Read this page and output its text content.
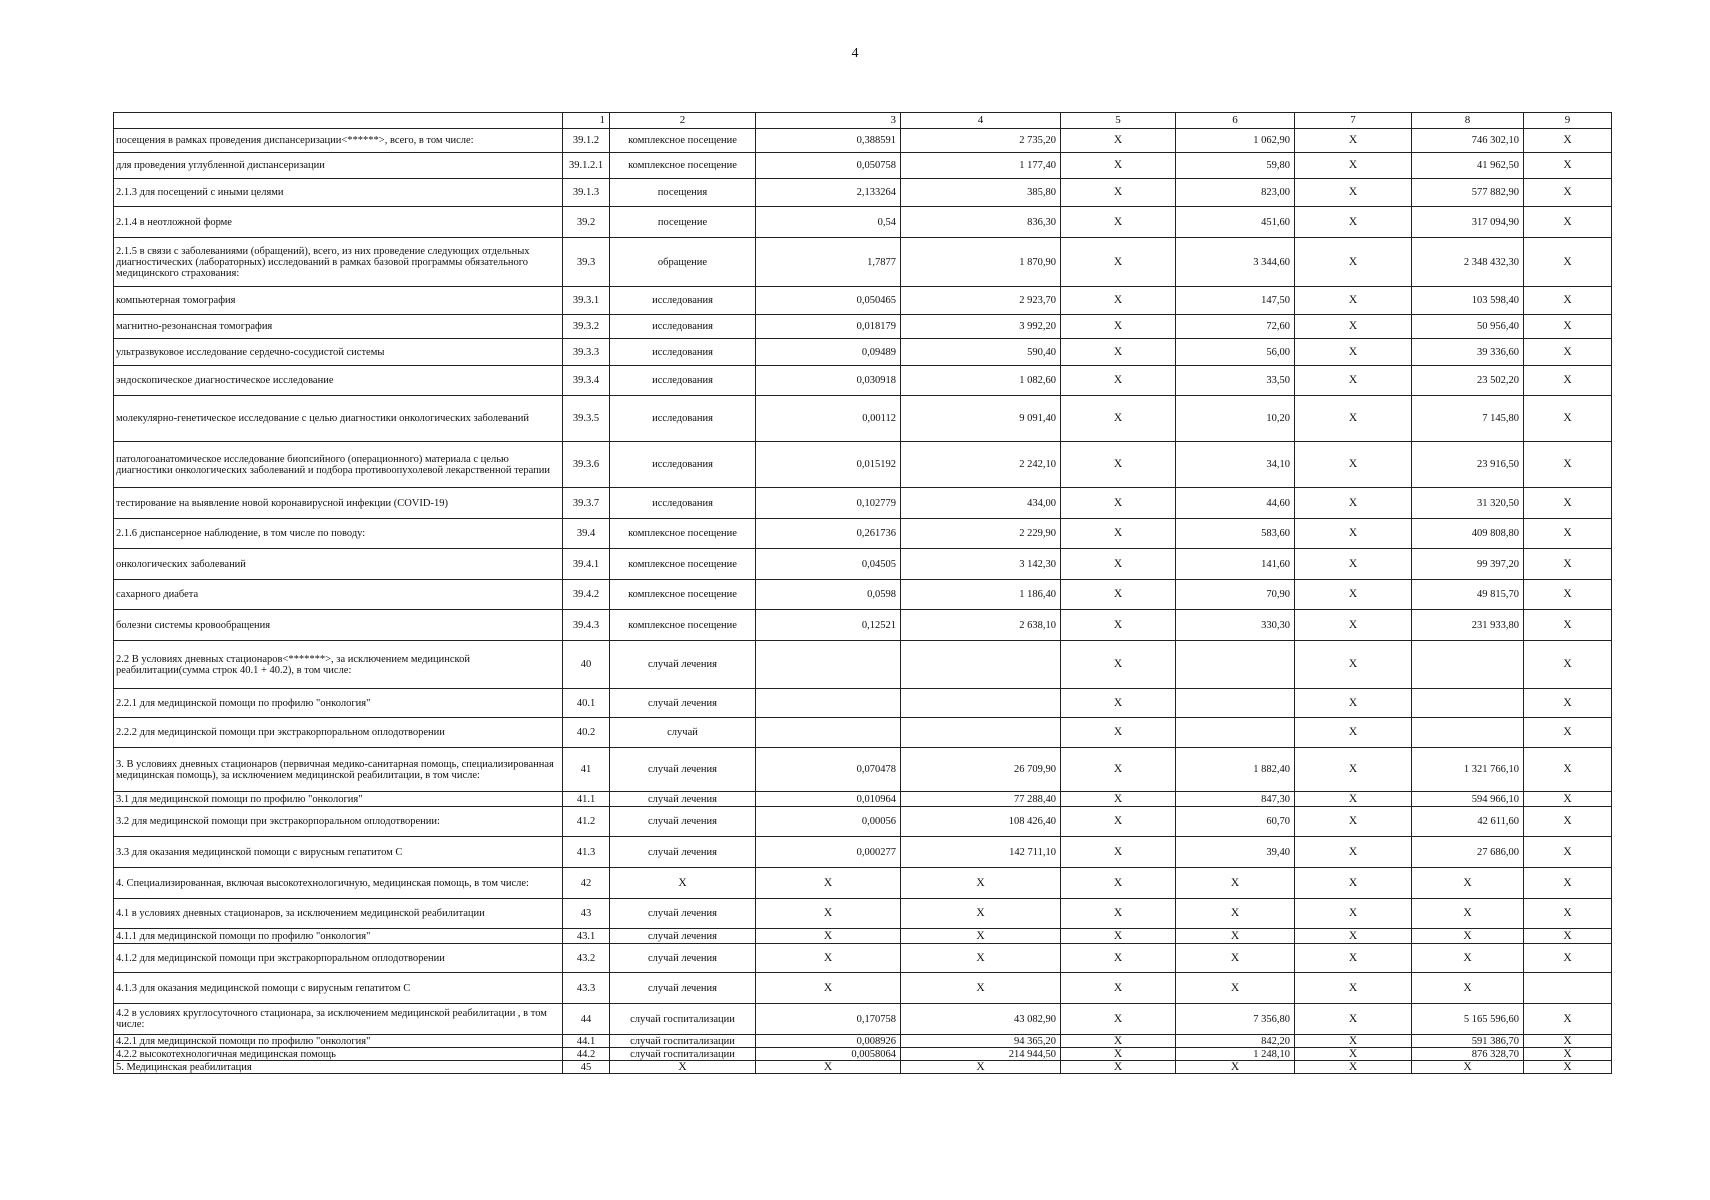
4
	1	2	3	4	5	6	7	8	9
посещения в рамках проведения диспансеризации<******>, всего, в том числе:	39.1.2	комплексное посещение	0,388591	2 735,20	X	1 062,90	X	746 302,10	X
для проведения углубленной диспансеризации	39.1.2.1	комплексное посещение	0,050758	1 177,40	X	59,80	X	41 962,50	X
2.1.3 для посещений с иными целями	39.1.3	посещения	2,133264	385,80	X	823,00	X	577 882,90	X
2.1.4 в неотложной форме	39.2	посещение	0,54	836,30	X	451,60	X	317 094,90	X
2.1.5 в связи с заболеваниями (обращений), всего, из них проведение следующих отдельных диагностических (лабораторных) исследований в рамках базовой программы обязательного медицинского страхования:	39.3	обращение	1,7877	1 870,90	X	3 344,60	X	2 348 432,30	X
компьютерная томография	39.3.1	исследования	0,050465	2 923,70	X	147,50	X	103 598,40	X
магнитно-резонансная томография	39.3.2	исследования	0,018179	3 992,20	X	72,60	X	50 956,40	X
ультразвуковое исследование сердечно-сосудистой системы	39.3.3	исследования	0,09489	590,40	X	56,00	X	39 336,60	X
эндоскопическое диагностическое исследование	39.3.4	исследования	0,030918	1 082,60	X	33,50	X	23 502,20	X
молекулярно-генетическое исследование с целью диагностики онкологических заболеваний	39.3.5	исследования	0,00112	9 091,40	X	10,20	X	7 145,80	X
патологоанатомическое исследование биопсийного (операционного) материала с целью диагностики онкологических заболеваний и подбора противоопухолевой лекарственной терапии	39.3.6	исследования	0,015192	2 242,10	X	34,10	X	23 916,50	X
тестирование на выявление новой коронавирусной инфекции (COVID-19)	39.3.7	исследования	0,102779	434,00	X	44,60	X	31 320,50	X
2.1.6 диспансерное наблюдение, в том числе по поводу:	39.4	комплексное посещение	0,261736	2 229,90	X	583,60	X	409 808,80	X
онкологических заболеваний	39.4.1	комплексное посещение	0,04505	3 142,30	X	141,60	X	99 397,20	X
сахарного диабета	39.4.2	комплексное посещение	0,0598	1 186,40	X	70,90	X	49 815,70	X
болезни системы кровообращения	39.4.3	комплексное посещение	0,12521	2 638,10	X	330,30	X	231 933,80	X
2.2 В условиях дневных стационаров<*******>, за исключением медицинской реабилитации(сумма строк 40.1 + 40.2), в том числе:	40	случай лечения			X		X		X
2.2.1 для медицинской помощи по профилю "онкология"	40.1	случай лечения			X		X		X
2.2.2 для медицинской помощи при экстракорпоральном оплодотворении	40.2	случай			X		X		X
3. В условиях дневных стационаров (первичная медико-санитарная помощь, специализированная медицинская помощь), за исключением медицинской реабилитации, в том числе:	41	случай лечения	0,070478	26 709,90	X	1 882,40	X	1 321 766,10	X
3.1 для медицинской помощи по профилю "онкология"	41.1	случай лечения	0,010964	77 288,40	X	847,30	X	594 966,10	X
3.2 для медицинской помощи при экстракорпоральном оплодотворении:	41.2	случай лечения	0,00056	108 426,40	X	60,70	X	42 611,60	X
3.3 для оказания медицинской помощи с вирусным гепатитом С	41.3	случай лечения	0,000277	142 711,10	X	39,40	X	27 686,00	X
4. Специализированная, включая высокотехнологичную, медицинская помощь, в том числе:	42	X	X	X	X	X	X	X	X
4.1 в условиях дневных стационаров, за исключением медицинской реабилитации	43	случай лечения	X	X	X	X	X	X	X
4.1.1 для медицинской помощи по профилю "онкология"	43.1	случай лечения	X	X	X	X	X	X	X
4.1.2 для медицинской помощи при экстракорпоральном оплодотворении	43.2	случай лечения	X	X	X	X	X	X	X
4.1.3 для оказания медицинской помощи с вирусным гепатитом С	43.3	случай лечения	X	X	X	X	X	X	
4.2 в условиях круглосуточного стационара, за исключением медицинской реабилитации , в том числе:	44	случай госпитализации	0,170758	43 082,90	X	7 356,80	X	5 165 596,60	X
4.2.1 для медицинской помощи по профилю "онкология"	44.1	случай госпитализации	0,008926	94 365,20	X	842,20	X	591 386,70	X
4.2.2 высокотехнологичная медицинская помощь	44.2	случай госпитализации	0,0058064	214 944,50	X	1 248,10	X	876 328,70	X
5. Медицинская реабилитация	45	X	X	X	X	X	X	X	X
